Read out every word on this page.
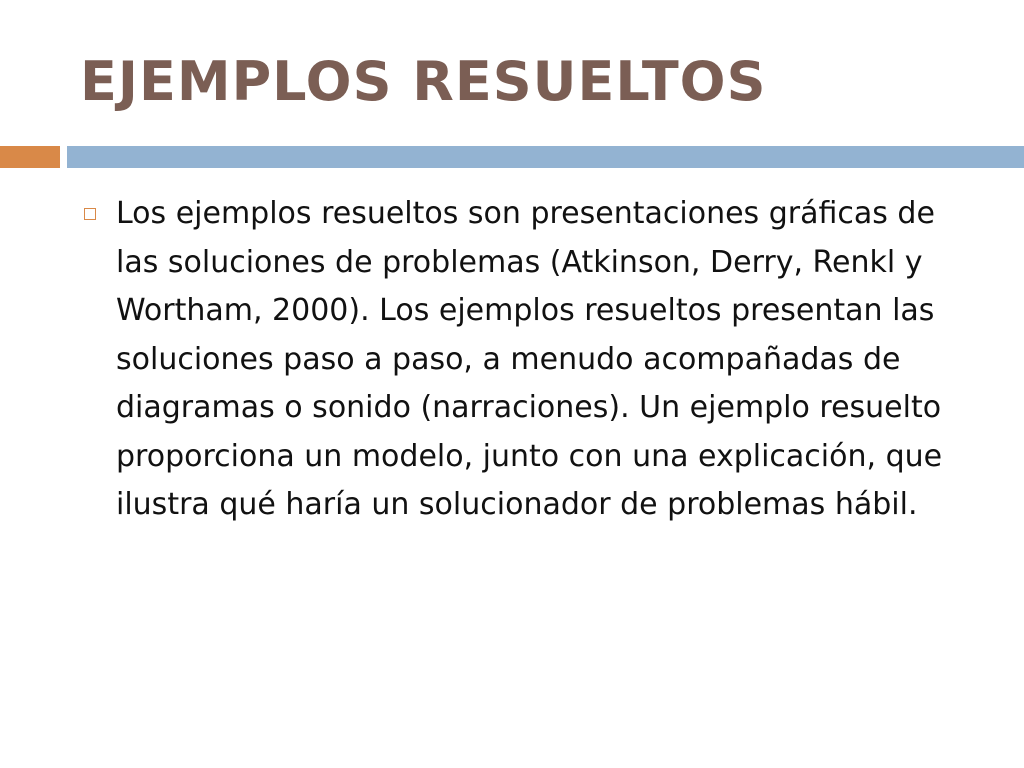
EJEMPLOS RESUELTOS

Los ejemplos resueltos son presentaciones gráficas de las soluciones de problemas (Atkinson, Derry, Renkl y Wortham, 2000). Los ejemplos resueltos presentan las soluciones paso a paso, a menudo acompañadas de diagramas o sonido (narraciones). Un ejemplo resuelto proporciona un modelo, junto con una explicación, que ilustra qué haría un solucionador de problemas hábil.
